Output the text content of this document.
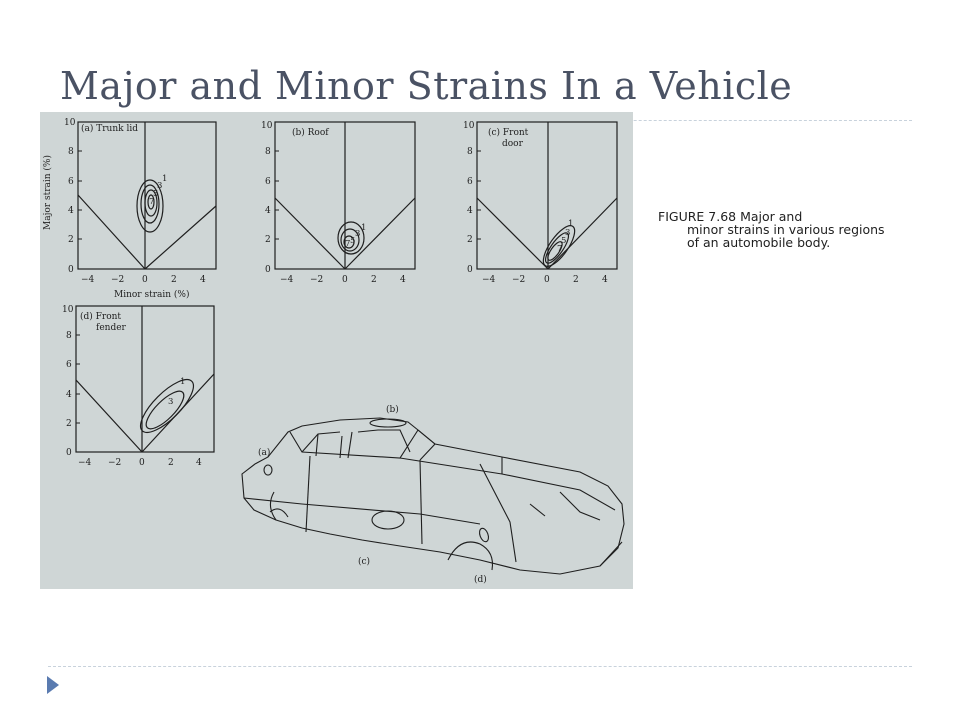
Major and Minor Strains In a Vehicle
(a) Trunk lid
1
3
5
7
10
8
6
4
2
0
−4 −2 0	2	4
Minor strain (%)
Major strain (%)
(b) Roof
1
3
5
7
10
8
6
4
2
0
−4 −2 0	2	4
(c) Front
door
1
3
5
7
10
8
6
4
2
0
−4 −2 0	2	4
(d) Front
fender
1
3
10
8
6
4
2
0
−4 −2 0	2 4
(b)
(a)
(c)
(d)
FIGURE 7.68 Major and
minor strains in various regions of an automobile body.
